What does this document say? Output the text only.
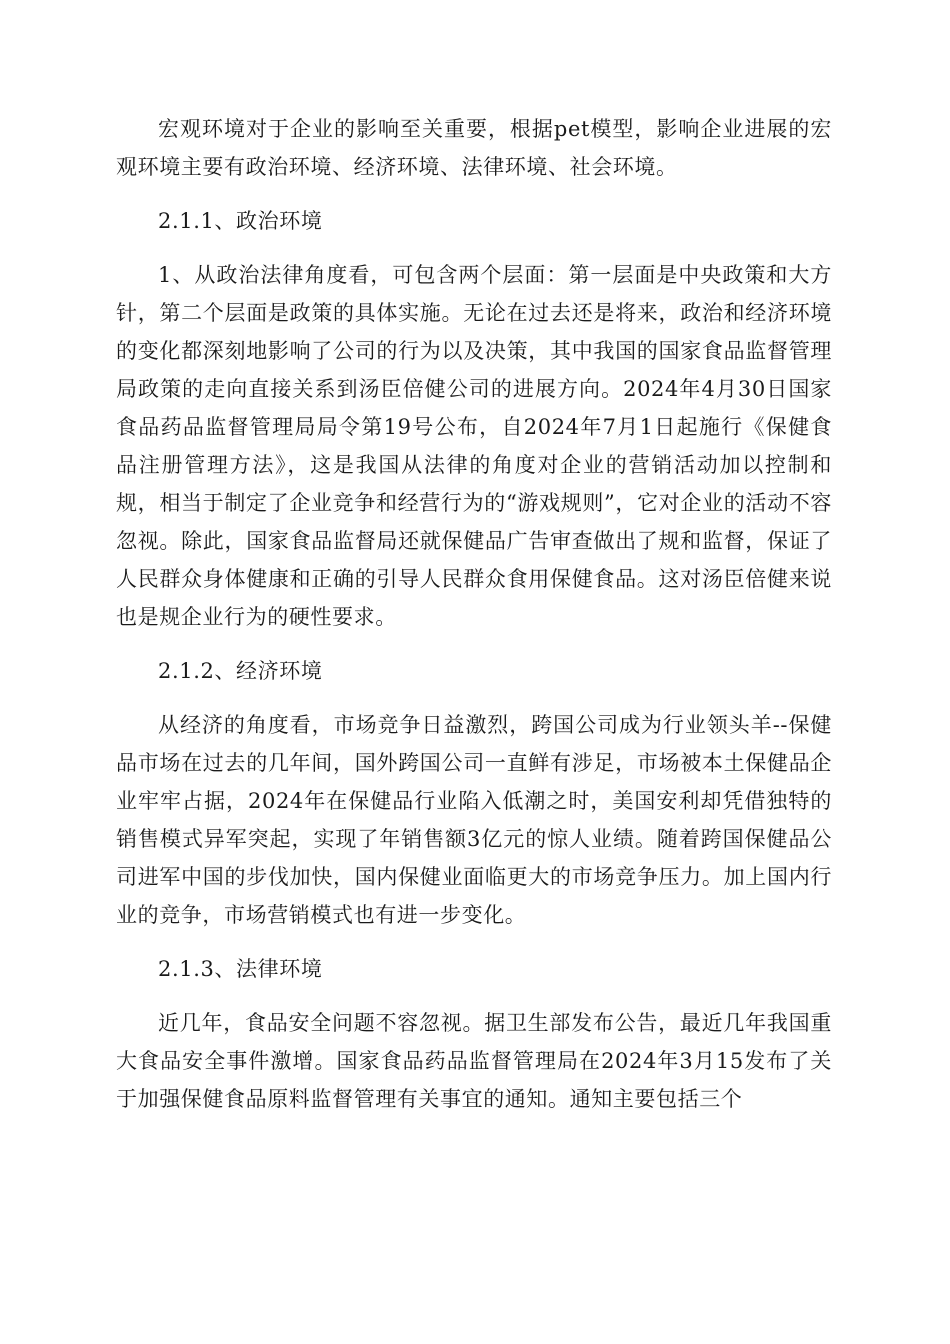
宏观环境对于企业的影响至关重要，根据pet模型，影响企业进展的宏观环境主要有政治环境、经济环境、法律环境、社会环境。

2.1.1、政治环境

1、从政治法律角度看，可包含两个层面：第一层面是中央政策和大方针，第二个层面是政策的具体实施。无论在过去还是将来，政治和经济环境的变化都深刻地影响了公司的行为以及决策，其中我国的国家食品监督管理局政策的走向直接关系到汤臣倍健公司的进展方向。2024年4月30日国家食品药品监督管理局局令第19号公布，自2024年7月1日起施行《保健食品注册管理方法》，这是我国从法律的角度对企业的营销活动加以控制和规，相当于制定了企业竞争和经营行为的“游戏规则”，它对企业的活动不容忽视。除此，国家食品监督局还就保健品广告审查做出了规和监督，保证了人民群众身体健康和正确的引导人民群众食用保健食品。这对汤臣倍健来说也是规企业行为的硬性要求。

2.1.2、经济环境

从经济的角度看，市场竞争日益激烈，跨国公司成为行业领头羊--保健品市场在过去的几年间，国外跨国公司一直鲜有涉足，市场被本土保健品企业牢牢占据，2024年在保健品行业陷入低潮之时，美国安利却凭借独特的销售模式异军突起，实现了年销售额3亿元的惊人业绩。随着跨国保健品公司进军中国的步伐加快，国内保健业面临更大的市场竞争压力。加上国内行业的竞争，市场营销模式也有进一步变化。

2.1.3、法律环境

近几年，食品安全问题不容忽视。据卫生部发布公告，最近几年我国重大食品安全事件激增。国家食品药品监督管理局在2024年3月15发布了关于加强保健食品原料监督管理有关事宜的通知。通知主要包括三个
